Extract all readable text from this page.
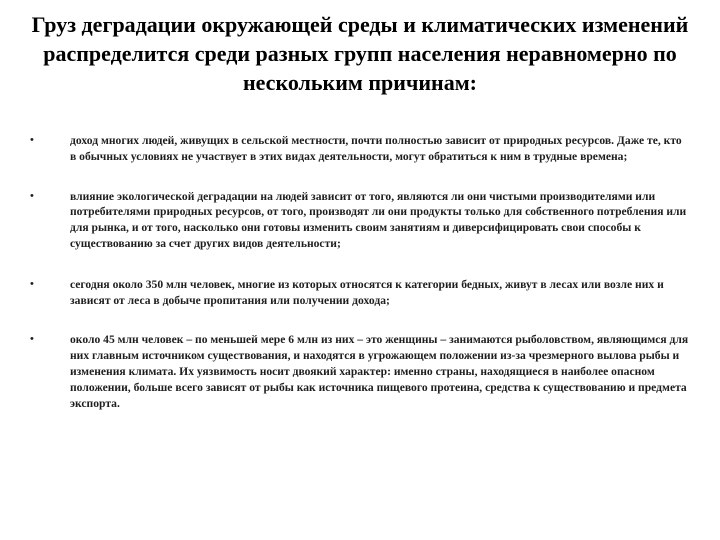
Груз деградации окружающей среды и климатических изменений распределится среди разных групп населения неравномерно по нескольким причинам:
•	доход многих людей, живущих в сельской местности, почти полностью зависит от природных ресурсов. Даже те, кто в обычных условиях не участвует в этих видах деятельности, могут обратиться к ним в трудные времена;
•	влияние экологической деградации на людей зависит от того, являются ли они чистыми производителями или потребителями природных ресурсов, от того, производят ли они продукты только для собственного потребления или для рынка, и от того, насколько они готовы изменить своим занятиям и диверсифицировать свои способы к существованию за счет других видов деятельности;
•	сегодня около 350 млн человек, многие из которых относятся к категории бедных, живут в лесах или возле них и зависят от леса в добыче пропитания или получении дохода;
•	около 45 млн человек – по меньшей мере 6 млн из них – это женщины – занимаются рыболовством, являющимся для них главным источником существования, и находятся в угрожающем положении из-за чрезмерного вылова рыбы и изменения климата. Их уязвимость носит двоякий характер: именно страны, находящиеся в наиболее опасном положении, больше всего зависят от рыбы как источника пищевого протеина, средства к существованию и предмета экспорта.
